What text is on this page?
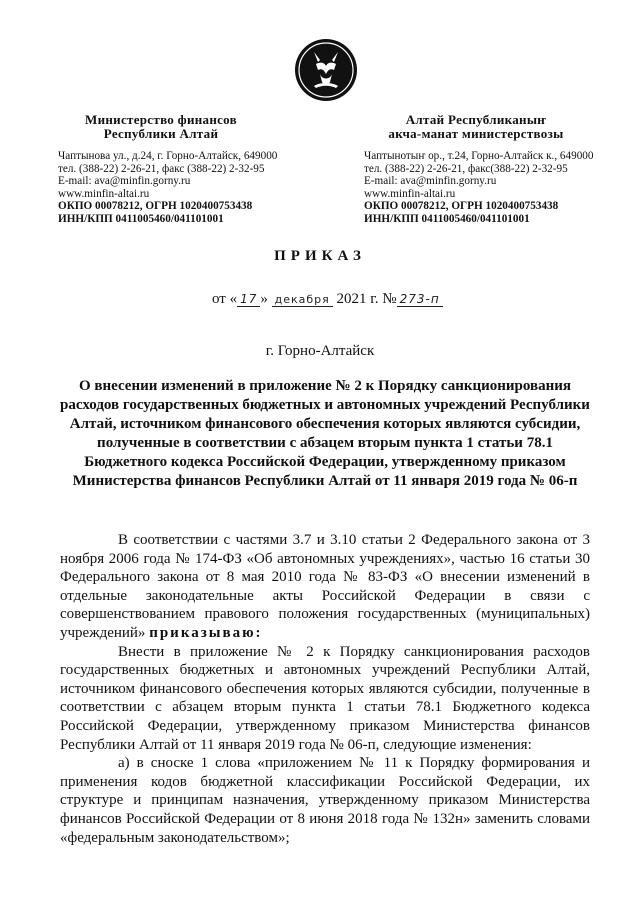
Министерство финансов
Республики Алтай
Чаптынова ул., д.24, г. Горно-Алтайск, 649000
тел. (388-22) 2-26-21, факс (388-22) 2-32-95
E-mail: ava@minfin.gorny.ru
www.minfin-altai.ru
ОКПО 00078212, ОГРН 1020400753438
ИНН/КПП 0411005460/041101001
Алтай Республиканыҥ
акча-манат министерствозы
Чаптынотыҥ ор., т.24, Горно-Алтайск к., 649000
тел. (388-22) 2-26-21, факс(388-22) 2-32-95
E-mail: ava@minfin.gorny.ru
www.minfin-altai.ru
ОКПО 00078212, ОГРН 1020400753438
ИНН/КПП 0411005460/041101001
ПРИКАЗ
от « 17 » декабря 2021 г. № 273-п
г. Горно-Алтайск
О внесении изменений в приложение № 2 к Порядку санкционирования расходов государственных бюджетных и автономных учреждений Республики Алтай, источником финансового обеспечения которых являются субсидии, полученные в соответствии с абзацем вторым пункта 1 статьи 78.1 Бюджетного кодекса Российской Федерации, утвержденному приказом Министерства финансов Республики Алтай от 11 января 2019 года № 06-п

В соответствии с частями 3.7 и 3.10 статьи 2 Федерального закона от 3 ноября 2006 года № 174-ФЗ «Об автономных учреждениях», частью 16 статьи 30 Федерального закона от 8 мая 2010 года № 83-ФЗ «О внесении изменений в отдельные законодательные акты Российской Федерации в связи с совершенствованием правового положения государственных (муниципальных) учреждений» приказываю:

Внести в приложение № 2 к Порядку санкционирования расходов государственных бюджетных и автономных учреждений Республики Алтай, источником финансового обеспечения которых являются субсидии, полученные в соответствии с абзацем вторым пункта 1 статьи 78.1 Бюджетного кодекса Российской Федерации, утвержденному приказом Министерства финансов Республики Алтай от 11 января 2019 года № 06-п, следующие изменения:

а) в сноске 1 слова «приложением № 11 к Порядку формирования и применения кодов бюджетной классификации Российской Федерации, их структуре и принципам назначения, утвержденному приказом Министерства финансов Российской Федерации от 8 июня 2018 года № 132н» заменить словами «федеральным законодательством»;
